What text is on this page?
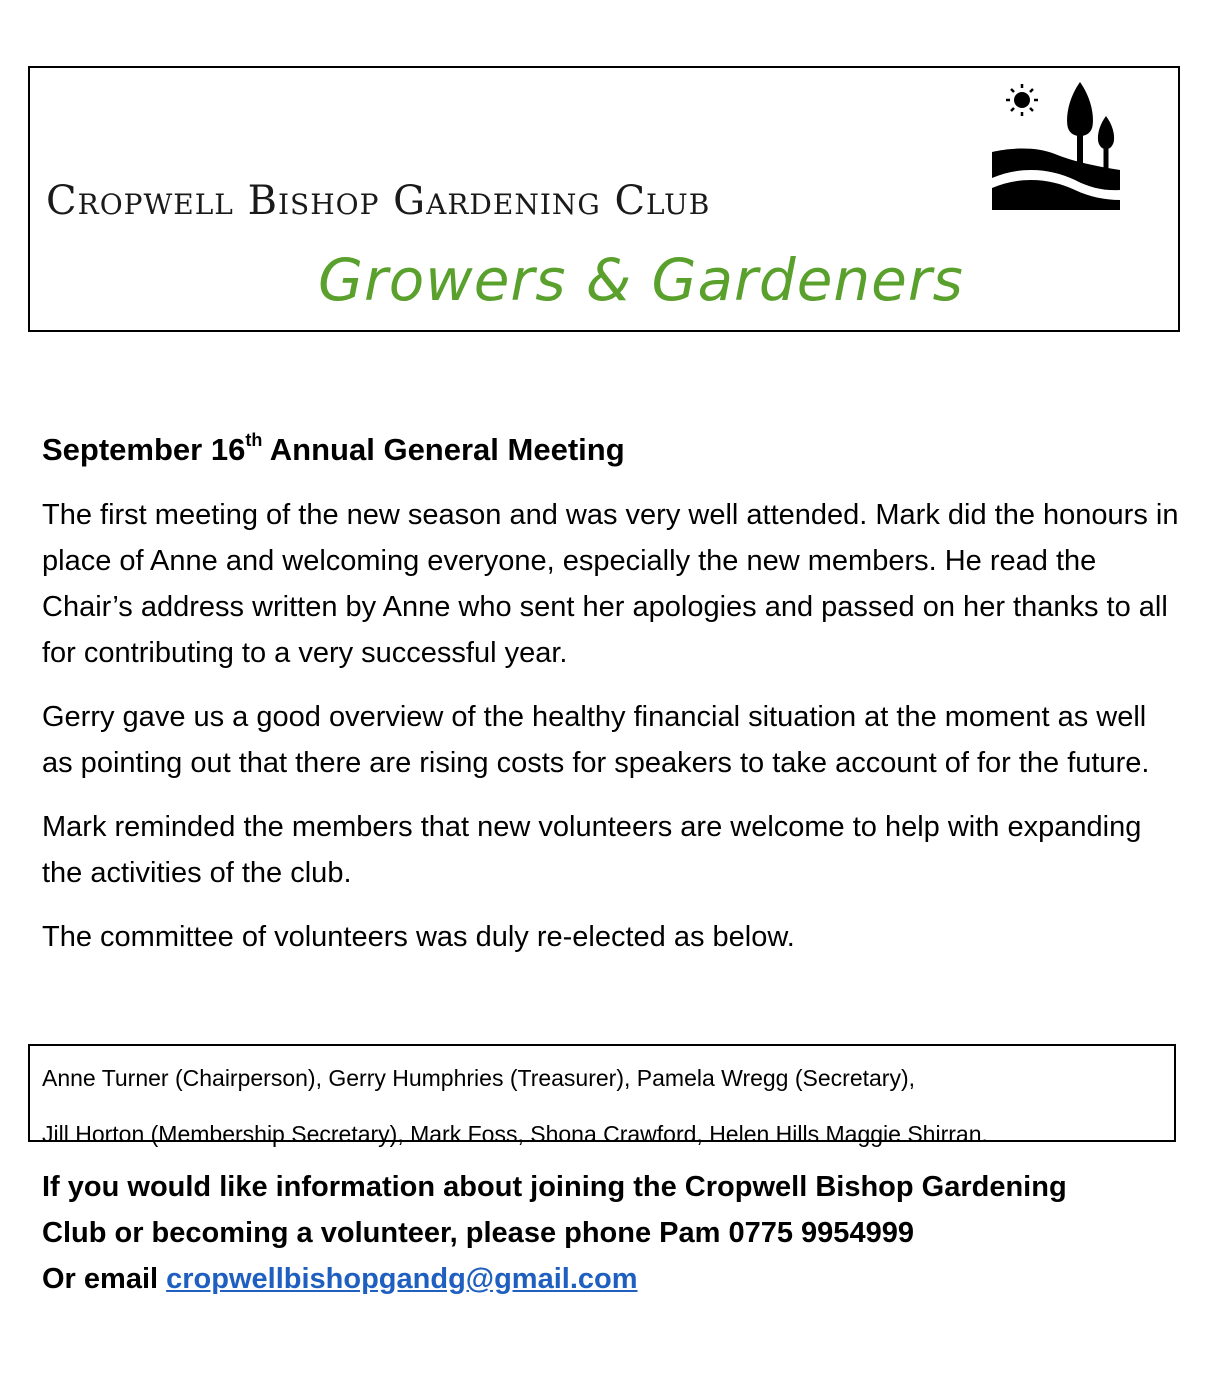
Cropwell Bishop Gardening Club
Growers & Gardeners
September 16th Annual General Meeting

The first meeting of the new season and was very well attended. Mark did the honours in place of Anne and welcoming everyone, especially the new members. He read the Chair’s address written by Anne who sent her apologies and passed on her thanks to all for contributing to a very successful year.

Gerry gave us a good overview of the healthy financial situation at the moment as well as pointing out that there are rising costs for speakers to take account of for the future.

Mark reminded the members that new volunteers are welcome to help with expanding the activities of the club.

The committee of volunteers was duly re-elected as below.

Anne Turner (Chairperson), Gerry Humphries (Treasurer), Pamela Wregg (Secretary),

Jill Horton (Membership Secretary), Mark Foss, Shona Crawford, Helen Hills Maggie Shirran.

If you would like information about joining the Cropwell Bishop Gardening

Club or becoming a volunteer, please phone Pam 0775 9954999

Or email cropwellbishopgandg@gmail.com
